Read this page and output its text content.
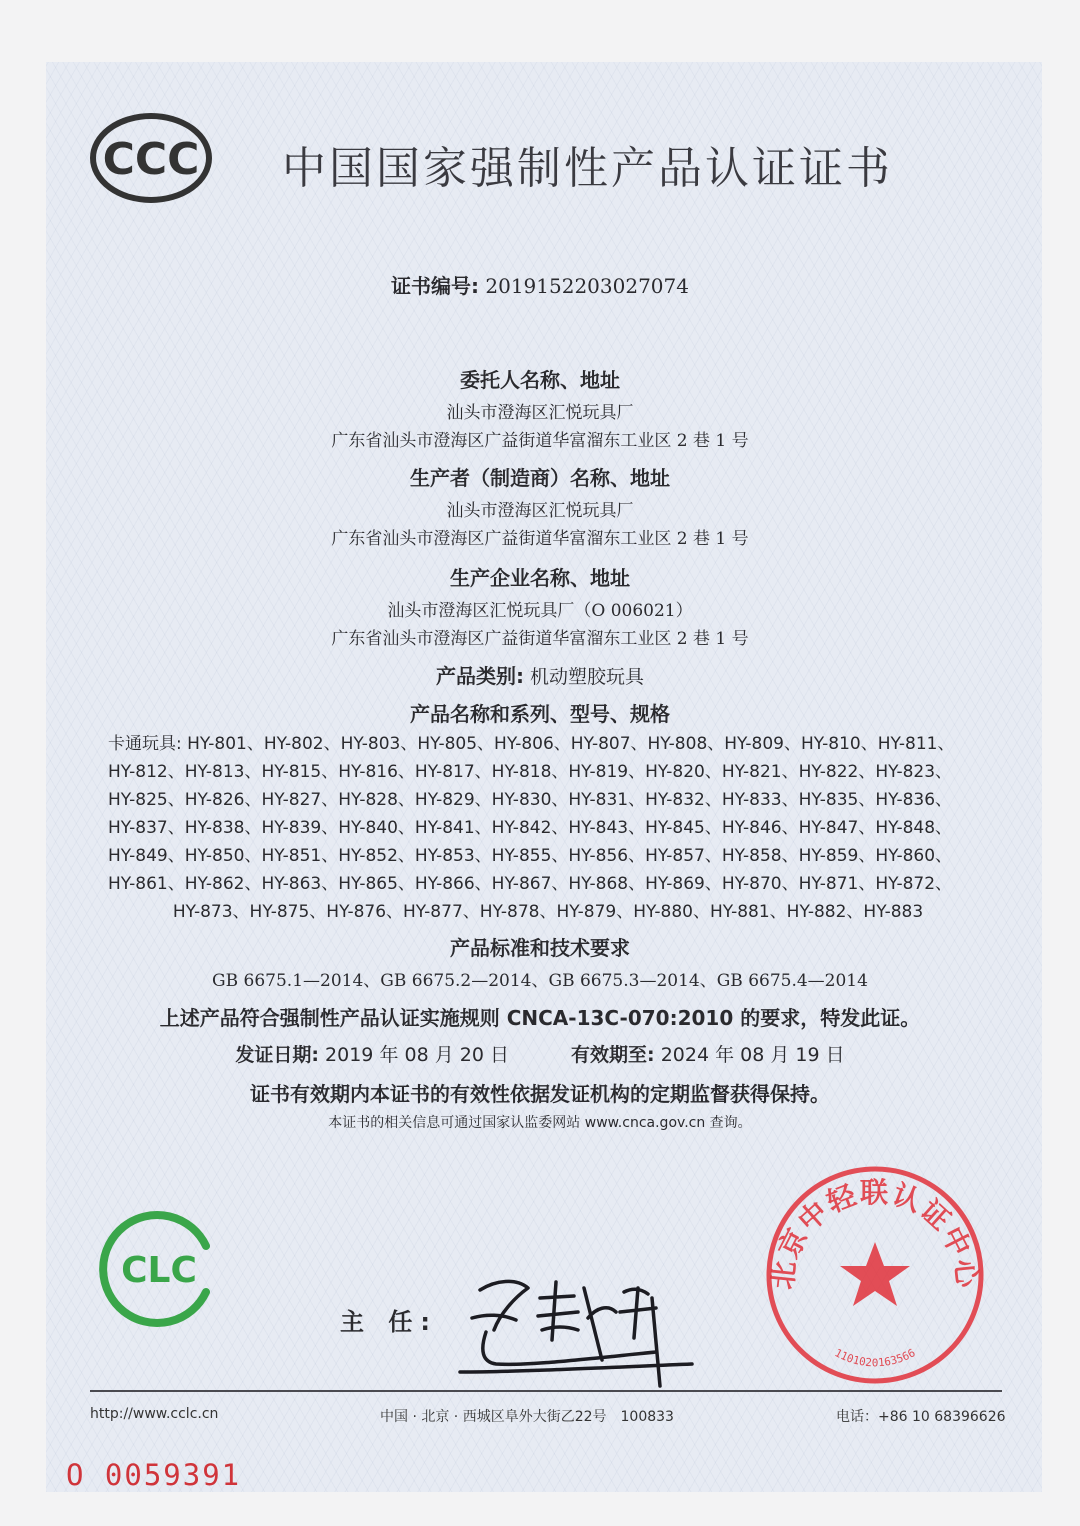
CCC 中国国家强制性产品认证证书
证书编号: 2019152203027074
委托人名称、地址
汕头市澄海区汇悦玩具厂
广东省汕头市澄海区广益街道华富溜东工业区 2 巷 1 号
生产者（制造商）名称、地址
汕头市澄海区汇悦玩具厂
广东省汕头市澄海区广益街道华富溜东工业区 2 巷 1 号
生产企业名称、地址
汕头市澄海区汇悦玩具厂（O 006021）
广东省汕头市澄海区广益街道华富溜东工业区 2 巷 1 号
产品类别: 机动塑胶玩具
产品名称和系列、型号、规格
卡通玩具: HY-801、HY-802、HY-803、HY-805、HY-806、HY-807、HY-808、HY-809、HY-810、HY-811、
HY-812、HY-813、HY-815、HY-816、HY-817、HY-818、HY-819、HY-820、HY-821、HY-822、HY-823、
HY-825、HY-826、HY-827、HY-828、HY-829、HY-830、HY-831、HY-832、HY-833、HY-835、HY-836、
HY-837、HY-838、HY-839、HY-840、HY-841、HY-842、HY-843、HY-845、HY-846、HY-847、HY-848、
HY-849、HY-850、HY-851、HY-852、HY-853、HY-855、HY-856、HY-857、HY-858、HY-859、HY-860、
HY-861、HY-862、HY-863、HY-865、HY-866、HY-867、HY-868、HY-869、HY-870、HY-871、HY-872、
HY-873、HY-875、HY-876、HY-877、HY-878、HY-879、HY-880、HY-881、HY-882、HY-883
产品标准和技术要求
GB 6675.1—2014、GB 6675.2—2014、GB 6675.3—2014、GB 6675.4—2014
上述产品符合强制性产品认证实施规则 CNCA-13C-070:2010 的要求，特发此证。
发证日期: 2019 年 08 月 20 日	有效期至: 2024 年 08 月 19 日
证书有效期内本证书的有效性依据发证机构的定期监督获得保持。
本证书的相关信息可通过国家认监委网站 www.cnca.gov.cn 查询。
CLC
主 任:
北京中轻联认证中心
1101020163566
http://www.cclc.cn	中国 · 北京 · 西城区阜外大街乙22号　100833	电话：+86 10 68396626
O 0059391
